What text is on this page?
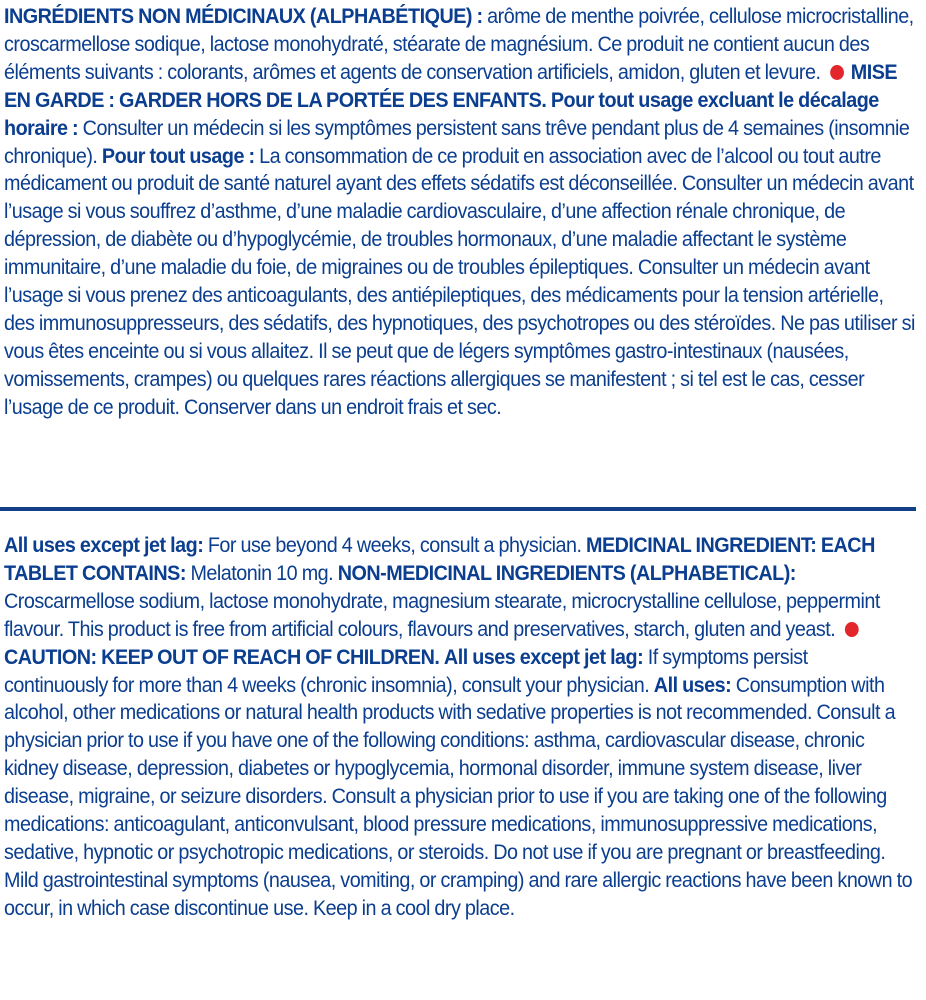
INGRÉDIENTS NON MÉDICINAUX (ALPHABÉTIQUE) : arôme de menthe poivrée, cellulose microcristalline, croscarmellose sodique, lactose monohydraté, stéarate de magnésium. Ce produit ne contient aucun des éléments suivants : colorants, arômes et agents de conservation artificiels, amidon, gluten et levure. MISE EN GARDE : GARDER HORS DE LA PORTÉE DES ENFANTS. Pour tout usage excluant le décalage horaire : Consulter un médecin si les symptômes persistent sans trêve pendant plus de 4 semaines (insomnie chronique). Pour tout usage : La consommation de ce produit en association avec de l’alcool ou tout autre médicament ou produit de santé naturel ayant des effets sédatifs est déconseillée. Consulter un médecin avant l’usage si vous souffrez d’asthme, d’une maladie cardiovasculaire, d’une affection rénale chronique, de dépression, de diabète ou d’hypoglycémie, de troubles hormonaux, d’une maladie affectant le système immunitaire, d’une maladie du foie, de migraines ou de troubles épileptiques. Consulter un médecin avant l’usage si vous prenez des anticoagulants, des antiépileptiques, des médicaments pour la tension artérielle, des immunosuppresseurs, des sédatifs, des hypnotiques, des psychotropes ou des stéroïdes. Ne pas utiliser si vous êtes enceinte ou si vous allaitez. Il se peut que de légers symptômes gastro-intestinaux (nausées, vomissements, crampes) ou quelques rares réactions allergiques se manifestent ; si tel est le cas, cesser l’usage de ce produit. Conserver dans un endroit frais et sec.
All uses except jet lag: For use beyond 4 weeks, consult a physician. MEDICINAL INGREDIENT: EACH TABLET CONTAINS: Melatonin 10 mg. NON-MEDICINAL INGREDIENTS (ALPHABETICAL): Croscarmellose sodium, lactose monohydrate, magnesium stearate, microcrystalline cellulose, peppermint flavour. This product is free from artificial colours, flavours and preservatives, starch, gluten and yeast.  CAUTION: KEEP OUT OF REACH OF CHILDREN. All uses except jet lag: If symptoms persist continuously for more than 4 weeks (chronic insomnia), consult your physician. All uses: Consumption with alcohol, other medications or natural health products with sedative properties is not recommended. Consult a physician prior to use if you have one of the following conditions: asthma, cardiovascular disease, chronic kidney disease, depression, diabetes or hypoglycemia, hormonal disorder, immune system disease, liver disease, migraine, or seizure disorders. Consult a physician prior to use if you are taking one of the following medications: anticoagulant, anticonvulsant, blood pressure medications, immunosuppressive medications, sedative, hypnotic or psychotropic medications, or steroids. Do not use if you are pregnant or breastfeeding. Mild gastrointestinal symptoms (nausea, vomiting, or cramping) and rare allergic reactions have been known to occur, in which case discontinue use. Keep in a cool dry place.
